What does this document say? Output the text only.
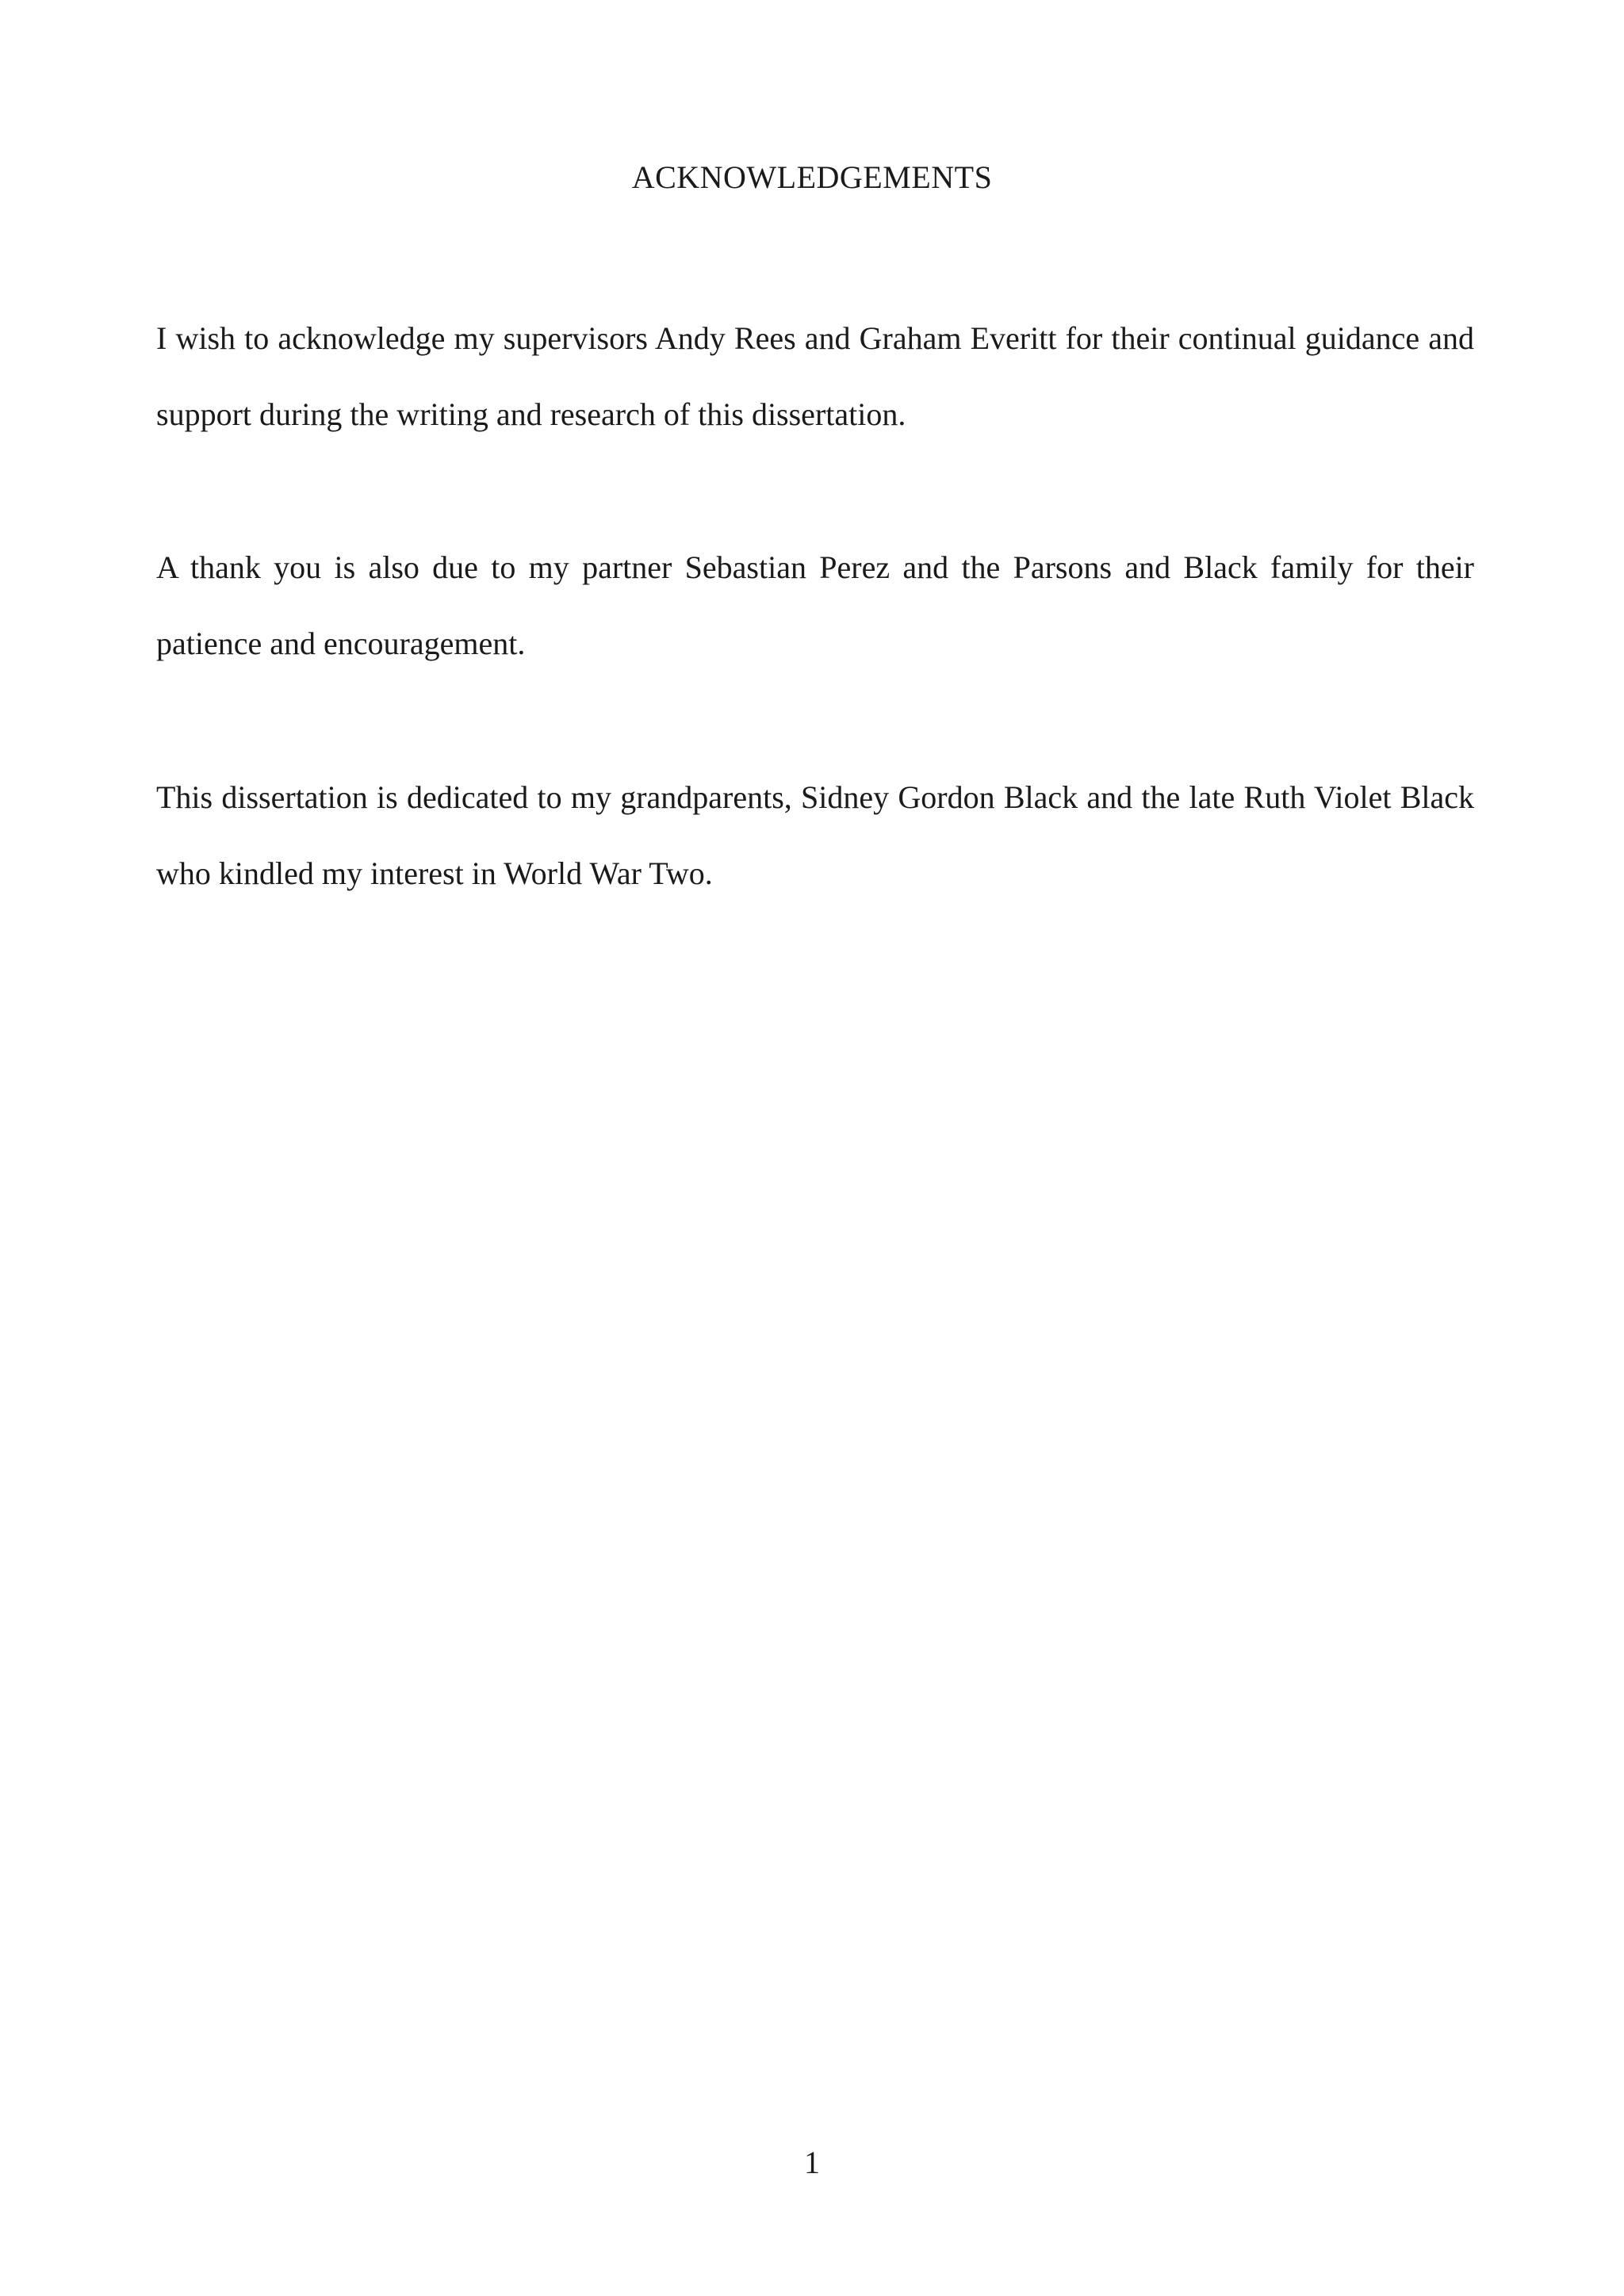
ACKNOWLEDGEMENTS

I wish to acknowledge my supervisors Andy Rees and Graham Everitt for their continual guidance and support during the writing and research of this dissertation.

A thank you is also due to my partner Sebastian Perez and the Parsons and Black family for their patience and encouragement.

This dissertation is dedicated to my grandparents, Sidney Gordon Black and the late Ruth Violet Black who kindled my interest in World War Two.

1
